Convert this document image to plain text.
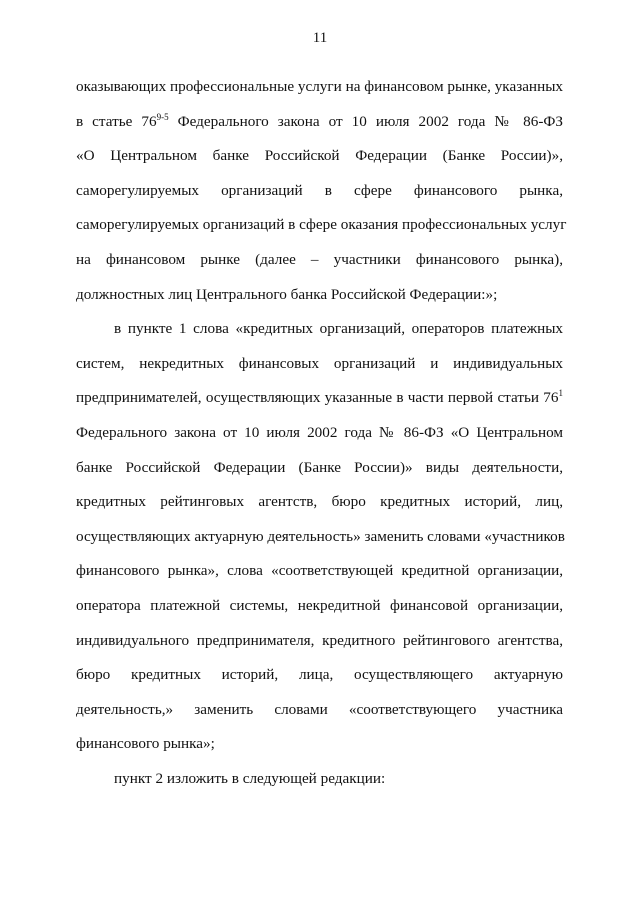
11
оказывающих профессиональные услуги на финансовом рынке, указанных
в статье 76$^{9-5}$ Федерального закона от 10 июля 2002 года № 86-ФЗ
«О Центральном банке Российской Федерации (Банке России)»,
саморегулируемых организаций в сфере финансового рынка,
саморегулируемых организаций в сфере оказания профессиональных услуг
на финансовом рынке (далее – участники финансового рынка),
должностных лиц Центрального банка Российской Федерации:»;
в пункте 1 слова «кредитных организаций, операторов платежных
систем, некредитных финансовых организаций и индивидуальных
предпринимателей, осуществляющих указанные в части первой статьи $76^1$
Федерального закона от 10 июля 2002 года № 86-ФЗ «О Центральном
банке Российской Федерации (Банке России)» виды деятельности,
кредитных рейтинговых агентств, бюро кредитных историй, лиц,
осуществляющих актуарную деятельность» заменить словами «участников
финансового рынка», слова «соответствующей кредитной организации,
оператора платежной системы, некредитной финансовой организации,
индивидуального предпринимателя, кредитного рейтингового агентства,
бюро кредитных историй, лица, осуществляющего актуарную
деятельность,» заменить словами «соответствующего участника
финансового рынка»;
пункт 2 изложить в следующей редакции:
